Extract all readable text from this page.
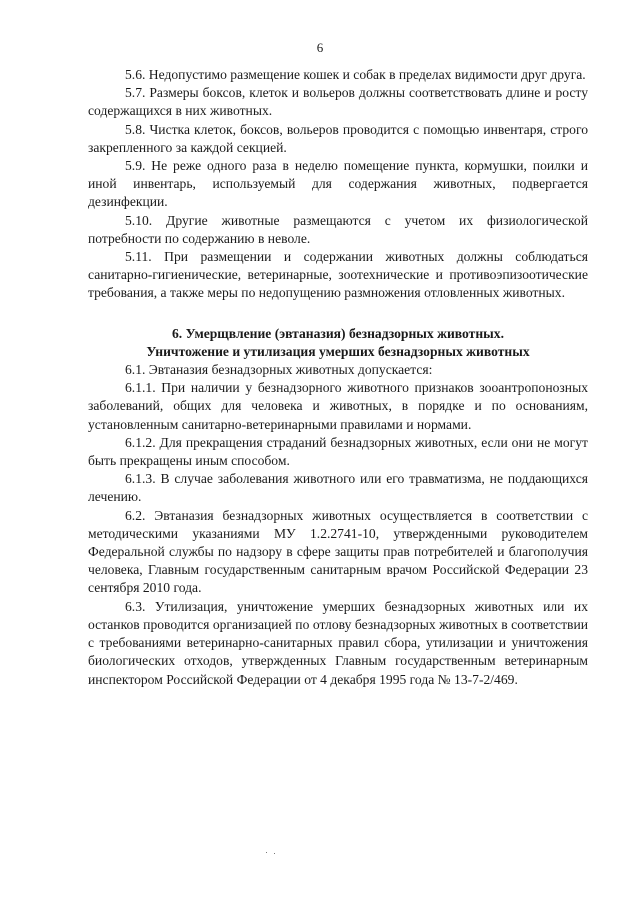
6

5.6. Недопустимо размещение кошек и собак в пределах видимости друг друга.

5.7. Размеры боксов, клеток и вольеров должны соответствовать длине и росту содержащихся в них животных.

5.8. Чистка клеток, боксов, вольеров проводится с помощью инвентаря, строго закрепленного за каждой секцией.

5.9. Не реже одного раза в неделю помещение пункта, кормушки, поилки и иной инвентарь, используемый для содержания животных, подвергается дезинфекции.

5.10. Другие животные размещаются с учетом их физиологической потребности по содержанию в неволе.

5.11. При размещении и содержании животных должны соблюдаться санитарно-гигиенические, ветеринарные, зоотехнические и противоэпизоотические требования, а также меры по недопущению размножения отловленных животных.

6. Умерщвление (эвтаназия) безнадзорных животных.

Уничтожение и утилизация умерших безнадзорных животных

6.1. Эвтаназия безнадзорных животных допускается:

6.1.1. При наличии у безнадзорного животного признаков зооантропонозных заболеваний, общих для человека и животных, в порядке и по основаниям, установленным санитарно-ветеринарными правилами и нормами.

6.1.2. Для прекращения страданий безнадзорных животных, если они не могут быть прекращены иным способом.

6.1.3. В случае заболевания животного или его травматизма, не поддающихся лечению.

6.2. Эвтаназия безнадзорных животных осуществляется в соответствии с методическими указаниями МУ 1.2.2741-10, утвержденными руководителем Федеральной службы по надзору в сфере защиты прав потребителей и благополучия человека, Главным государственным санитарным врачом Российской Федерации 23 сентября 2010 года.

6.3. Утилизация, уничтожение умерших безнадзорных животных или их останков проводится организацией по отлову безнадзорных животных в соответствии с требованиями ветеринарно-санитарных правил сбора, утилизации и уничтожения биологических отходов, утвержденных Главным государственным ветеринарным инспектором Российской Федерации от 4 декабря 1995 года № 13-7-2/469.
